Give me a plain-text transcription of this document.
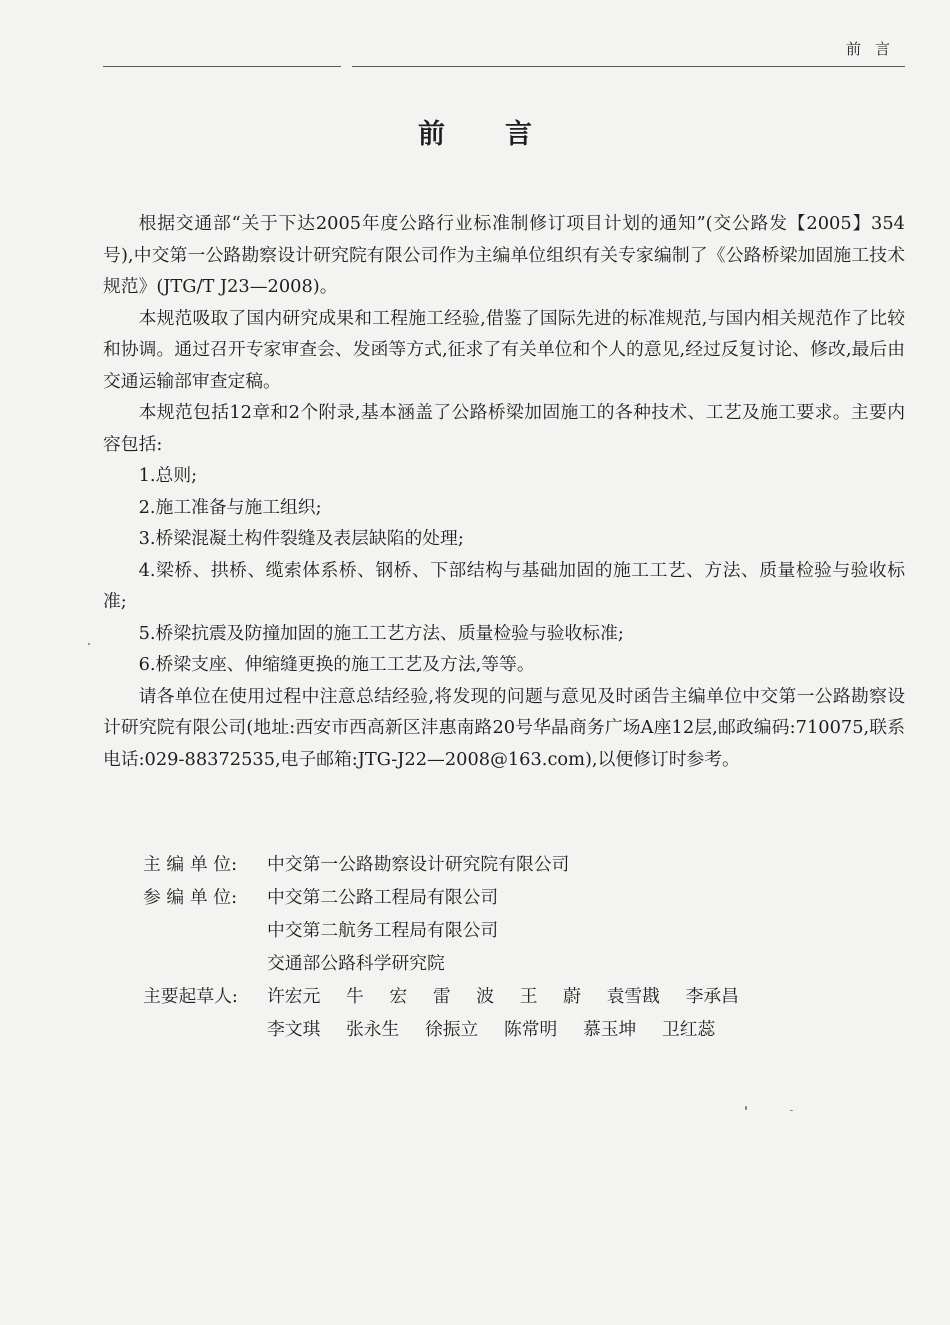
前言
前言

根据交通部“关于下达2005年度公路行业标准制修订项目计划的通知”(交公路发【2005】354号),中交第一公路勘察设计研究院有限公司作为主编单位组织有关专家编制了《公路桥梁加固施工技术规范》(JTG/T J23—2008)。

本规范吸取了国内研究成果和工程施工经验,借鉴了国际先进的标准规范,与国内相关规范作了比较和协调。通过召开专家审查会、发函等方式,征求了有关单位和个人的意见,经过反复讨论、修改,最后由交通运输部审查定稿。

本规范包括12章和2个附录,基本涵盖了公路桥梁加固施工的各种技术、工艺及施工要求。主要内容包括:

1.总则;

2.施工准备与施工组织;

3.桥梁混凝土构件裂缝及表层缺陷的处理;

4.梁桥、拱桥、缆索体系桥、钢桥、下部结构与基础加固的施工工艺、方法、质量检验与验收标准;

5.桥梁抗震及防撞加固的施工工艺方法、质量检验与验收标准;

6.桥梁支座、伸缩缝更换的施工工艺及方法,等等。

请各单位在使用过程中注意总结经验,将发现的问题与意见及时函告主编单位中交第一公路勘察设计研究院有限公司(地址:西安市西高新区沣惠南路20号华晶商务广场A座12层,邮政编码:710075,联系电话:029-88372535,电子邮箱:JTG-J22—2008@163.com),以便修订时参考。

主 编 单 位:	中交第一公路勘察设计研究院有限公司
参 编 单 位:	中交第二公路工程局有限公司
中交第二航务工程局有限公司
交通部公路科学研究院
主要起草人:	许宏元 牛 宏 雷 波 王 蔚 袁雪戡 李承昌
李文琪 张永生 徐振立 陈常明 慕玉坤 卫红蕊
